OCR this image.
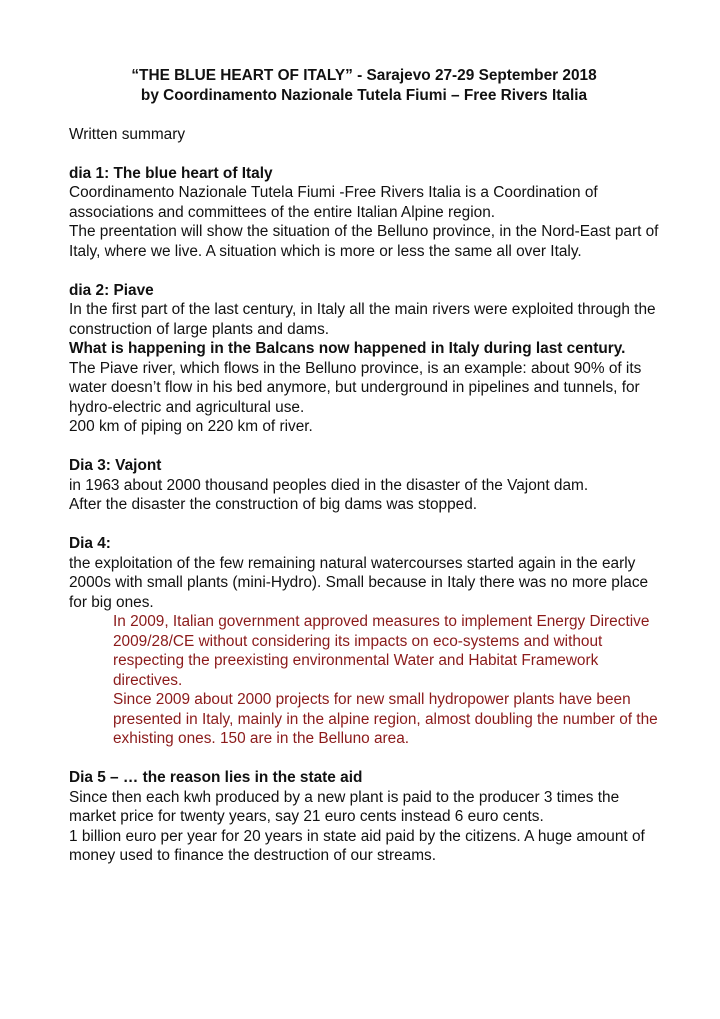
“THE BLUE HEART OF ITALY” - Sarajevo 27-29 September 2018
by Coordinamento Nazionale Tutela Fiumi – Free Rivers Italia
Written summary
dia 1: The blue heart of Italy
Coordinamento Nazionale Tutela Fiumi -Free Rivers Italia is a Coordination of associations and committees of the entire Italian Alpine region.
The preentation will show the situation of the Belluno province, in the Nord-East part of Italy, where we live. A situation which is more or less the same all over Italy.
dia 2: Piave
In the first part of the last century, in Italy all the main rivers were exploited through the construction of large plants and dams.
What is happening in the Balcans now happened in Italy during last century.
The Piave river, which flows in the Belluno province, is an example: about 90% of its water doesn’t flow in his bed anymore, but underground in pipelines and tunnels, for hydro-electric and agricultural use.
200 km of piping on 220 km of river.
Dia 3: Vajont
in 1963 about 2000 thousand peoples died in the disaster of the Vajont dam.
After the disaster the construction of big dams was stopped.
Dia 4:
the exploitation of the few remaining natural watercourses started again in the early 2000s with small plants (mini-Hydro). Small because in Italy there was no more place for big ones.
In 2009, Italian government approved measures to implement Energy Directive 2009/28/CE without considering its impacts on eco-systems and without respecting the preexisting environmental Water and Habitat Framework directives.
Since 2009 about 2000 projects for new small hydropower plants have been presented in Italy, mainly in the alpine region, almost doubling the number of the exhisting ones. 150 are in the Belluno area.
Dia 5 – … the reason lies in the state aid
Since then each kwh produced by a new plant is paid to the producer 3 times the market price for twenty years, say 21 euro cents instead 6 euro cents.
1 billion euro per year for 20 years in state aid paid by the citizens. A huge amount of money used to finance the destruction of our streams.
